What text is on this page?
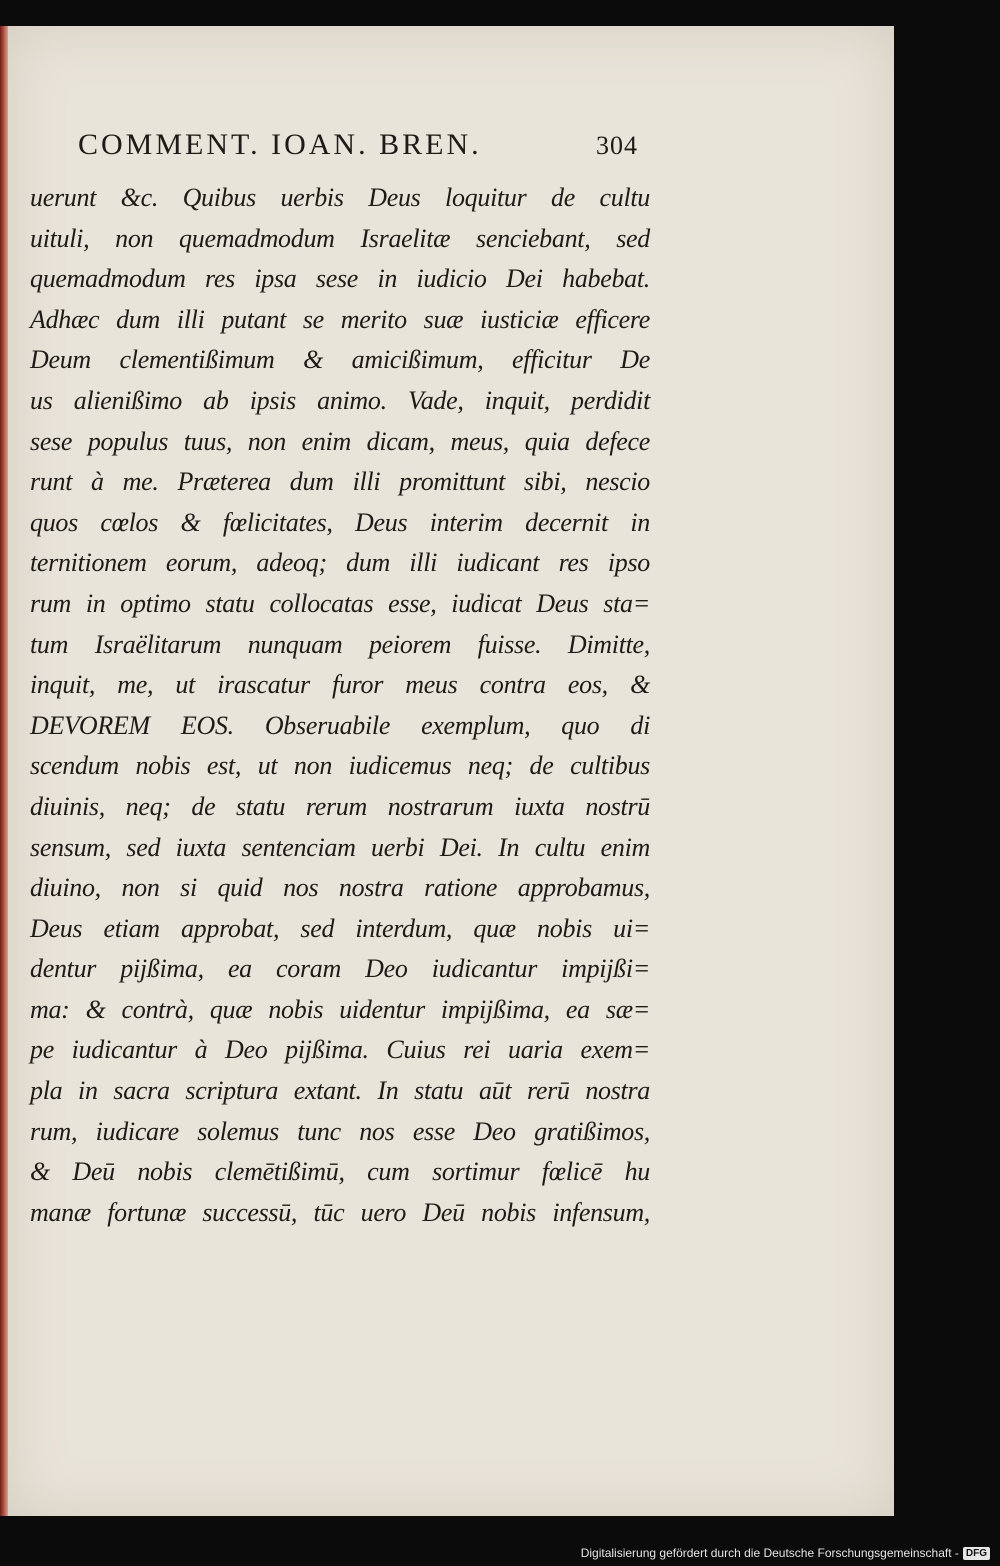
COMMENT. IOAN. BREN.	304
uerunt &c. Quibus uerbis Deus loquitur de cultu
uituli, non quemadmodum Israelitæ senciebant, sed
quemadmodum res ipsa sese in iudicio Dei habebat.
Adhæc dum illi putant se merito suæ iusticiæ efficere
Deum clementißimum & amicißimum, efficitur De
us alienißimo ab ipsis animo. Vade, inquit, perdidit
sese populus tuus, non enim dicam, meus, quia defece
runt à me. Præterea dum illi promittunt sibi, nescio
quos cœlos & fœlicitates, Deus interim decernit in
ternitionem eorum, adeoq; dum illi iudicant res ipso
rum in optimo statu collocatas esse, iudicat Deus sta=
tum Israëlitarum nunquam peiorem fuisse. Dimitte,
inquit, me, ut irascatur furor meus contra eos, &
DEVOREM EOS. Obseruabile exemplum, quo di
scendum nobis est, ut non iudicemus neq; de cultibus
diuinis, neq; de statu rerum nostrarum iuxta nostrū
sensum, sed iuxta sentenciam uerbi Dei. In cultu enim
diuino, non si quid nos nostra ratione approbamus,
Deus etiam approbat, sed interdum, quæ nobis ui=
dentur pijßima, ea coram Deo iudicantur impijßi=
ma: & contrà, quæ nobis uidentur impijßima, ea sæ=
pe iudicantur à Deo pijßima. Cuius rei uaria exem=
pla in sacra scriptura extant. In statu aūt rerū nostra
rum, iudicare solemus tunc nos esse Deo gratißimos,
& Deū nobis clemētißimū, cum sortimur fœlicē hu
manæ fortunæ successū, tūc uero Deū nobis infensum,
Digitalisierung gefördert durch die Deutsche Forschungsgemeinschaft - DFG
